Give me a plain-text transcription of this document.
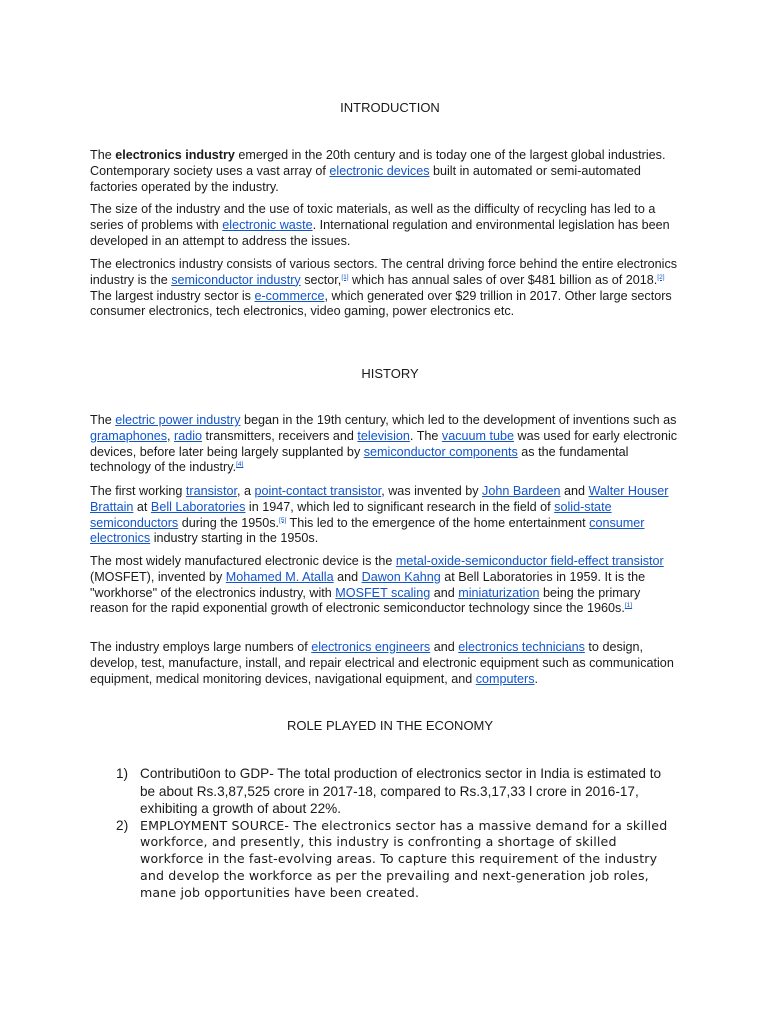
INTRODUCTION

The electronics industry emerged in the 20th century and is today one of the largest global industries. Contemporary society uses a vast array of electronic devices built in automated or semi-automated factories operated by the industry.

The size of the industry and the use of toxic materials, as well as the difficulty of recycling has led to a series of problems with electronic waste. International regulation and environmental legislation has been developed in an attempt to address the issues.

The electronics industry consists of various sectors. The central driving force behind the entire electronics industry is the semiconductor industry sector,[1] which has annual sales of over $481 billion as of 2018.[2] The largest industry sector is e-commerce, which generated over $29 trillion in 2017. Other large sectors consumer electronics, tech electronics, video gaming, power electronics etc.

HISTORY

The electric power industry began in the 19th century, which led to the development of inventions such as gramaphones, radio transmitters, receivers and television. The vacuum tube was used for early electronic devices, before later being largely supplanted by semiconductor components as the fundamental technology of the industry.[4]

The first working transistor, a point-contact transistor, was invented by John Bardeen and Walter Houser Brattain at Bell Laboratories in 1947, which led to significant research in the field of solid-state semiconductors during the 1950s.[5] This led to the emergence of the home entertainment consumer electronics industry starting in the 1950s.

The most widely manufactured electronic device is the metal-oxide-semiconductor field-effect transistor (MOSFET), invented by Mohamed M. Atalla and Dawon Kahng at Bell Laboratories in 1959. It is the "workhorse" of the electronics industry, with MOSFET scaling and miniaturization being the primary reason for the rapid exponential growth of electronic semiconductor technology since the 1960s.[1]

The industry employs large numbers of electronics engineers and electronics technicians to design, develop, test, manufacture, install, and repair electrical and electronic equipment such as communication equipment, medical monitoring devices, navigational equipment, and computers.

ROLE PLAYED IN THE ECONOMY
1) Contributi0on to GDP- The total production of electronics sector in India is estimated to be about Rs.3,87,525 crore in 2017-18, compared to Rs.3,17,33 l crore in 2016-17, exhibiting a growth of about 22%.
2) EMPLOYMENT SOURCE- The electronics sector has a massive demand for a skilled workforce, and presently, this industry is confronting a shortage of skilled workforce in the fast-evolving areas. To capture this requirement of the industry and develop the workforce as per the prevailing and next-generation job roles, mane job opportunities have been created.
